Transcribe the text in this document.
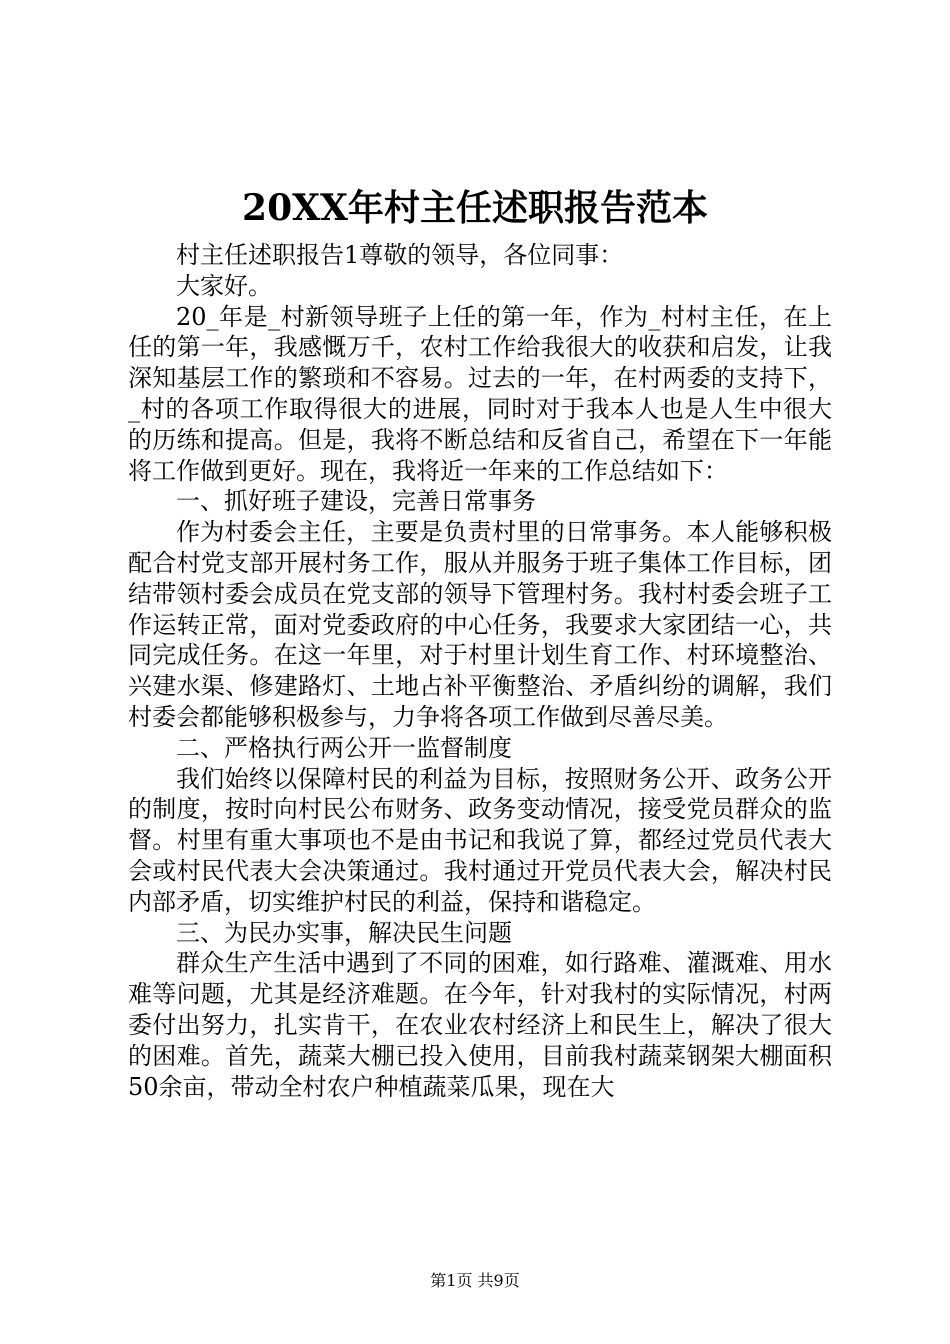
20XX年村主任述职报告范本

村主任述职报告1尊敬的领导，各位同事：

大家好。

20_年是_村新领导班子上任的第一年，作为_村村主任，在上任的第一年，我感慨万千，农村工作给我很大的收获和启发，让我深知基层工作的繁琐和不容易。过去的一年，在村两委的支持下，_村的各项工作取得很大的进展，同时对于我本人也是人生中很大的历练和提高。但是，我将不断总结和反省自己，希望在下一年能将工作做到更好。现在，我将近一年来的工作总结如下：

一、抓好班子建设，完善日常事务

作为村委会主任，主要是负责村里的日常事务。本人能够积极配合村党支部开展村务工作，服从并服务于班子集体工作目标，团结带领村委会成员在党支部的领导下管理村务。我村村委会班子工作运转正常，面对党委政府的中心任务，我要求大家团结一心，共同完成任务。在这一年里，对于村里计划生育工作、村环境整治、兴建水渠、修建路灯、土地占补平衡整治、矛盾纠纷的调解，我们村委会都能够积极参与，力争将各项工作做到尽善尽美。

二、严格执行两公开一监督制度

我们始终以保障村民的利益为目标，按照财务公开、政务公开的制度，按时向村民公布财务、政务变动情况，接受党员群众的监督。村里有重大事项也不是由书记和我说了算，都经过党员代表大会或村民代表大会决策通过。我村通过开党员代表大会，解决村民内部矛盾，切实维护村民的利益，保持和谐稳定。

三、为民办实事，解决民生问题

群众生产生活中遇到了不同的困难，如行路难、灌溉难、用水难等问题，尤其是经济难题。在今年，针对我村的实际情况，村两委付出努力，扎实肯干，在农业农村经济上和民生上，解决了很大的困难。首先，蔬菜大棚已投入使用，目前我村蔬菜钢架大棚面积50余亩，带动全村农户种植蔬菜瓜果，现在大

第1页 共9页
